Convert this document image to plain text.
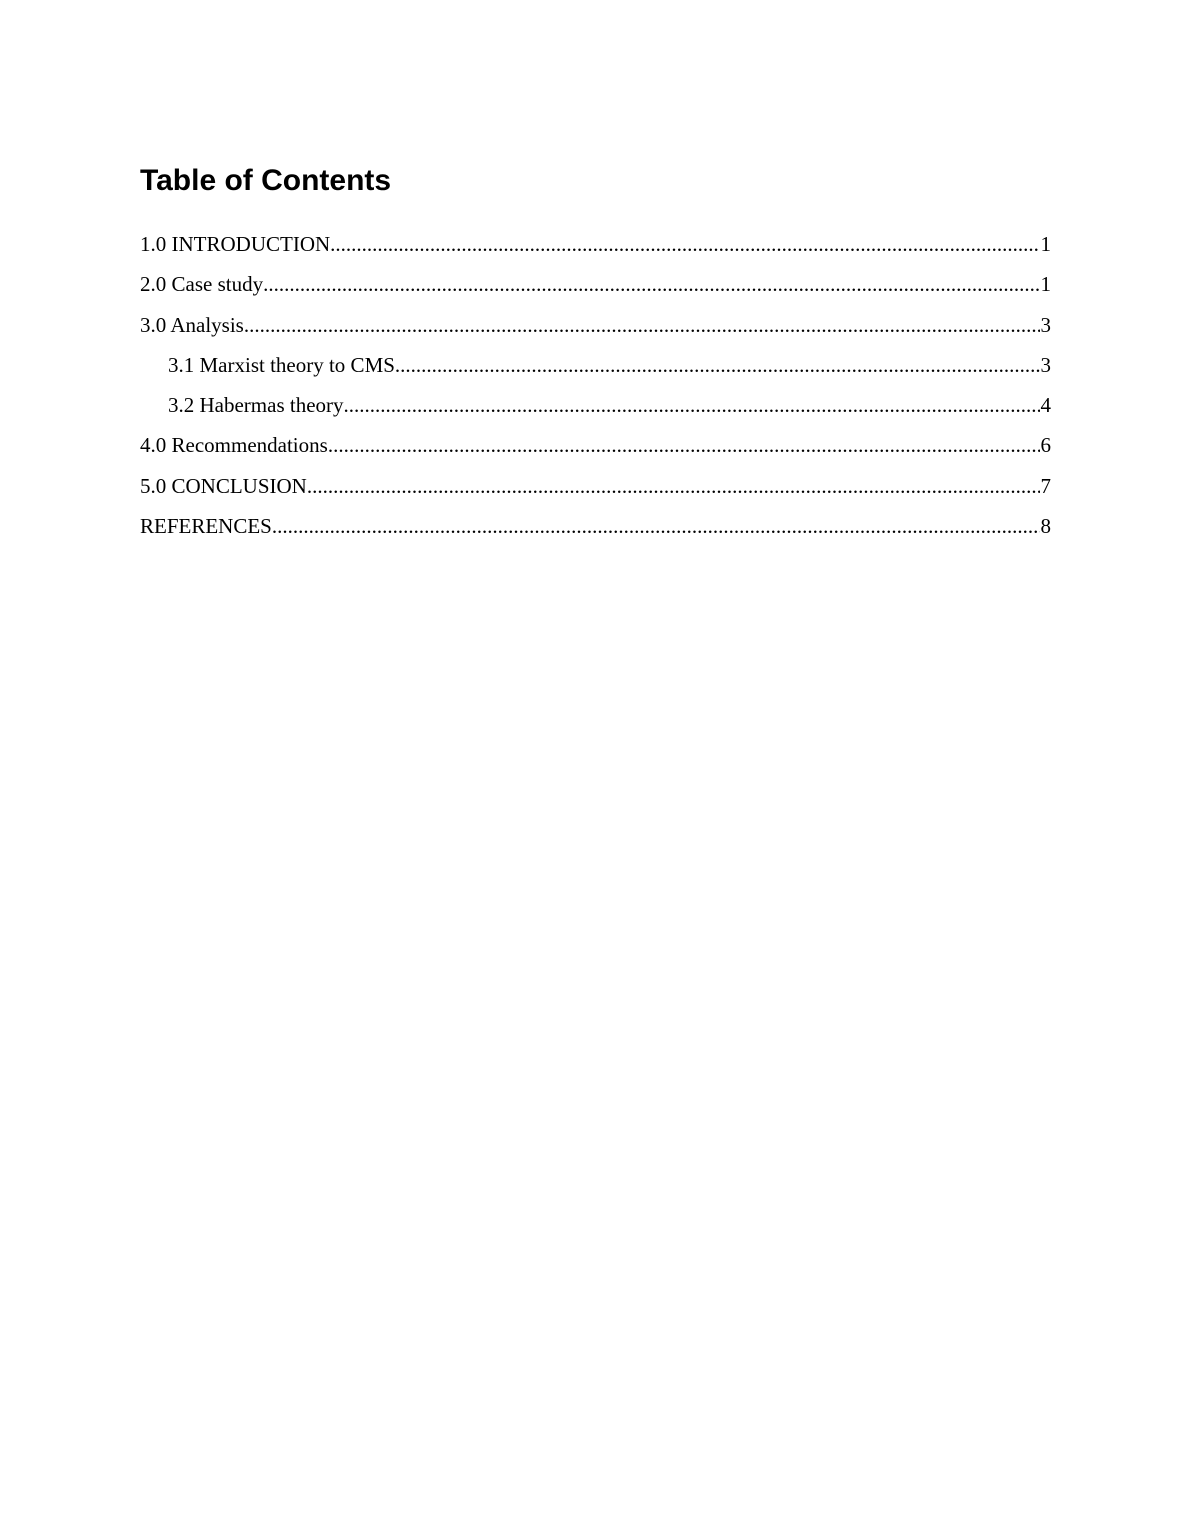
Table of Contents
1.0 INTRODUCTION .....	1
2.0 Case study .....	1
3.0 Analysis .....	3
3.1 Marxist theory to CMS .....	3
3.2 Habermas theory .....	4
4.0 Recommendations .....	6
5.0 CONCLUSION .....	7
REFERENCES .....	8
